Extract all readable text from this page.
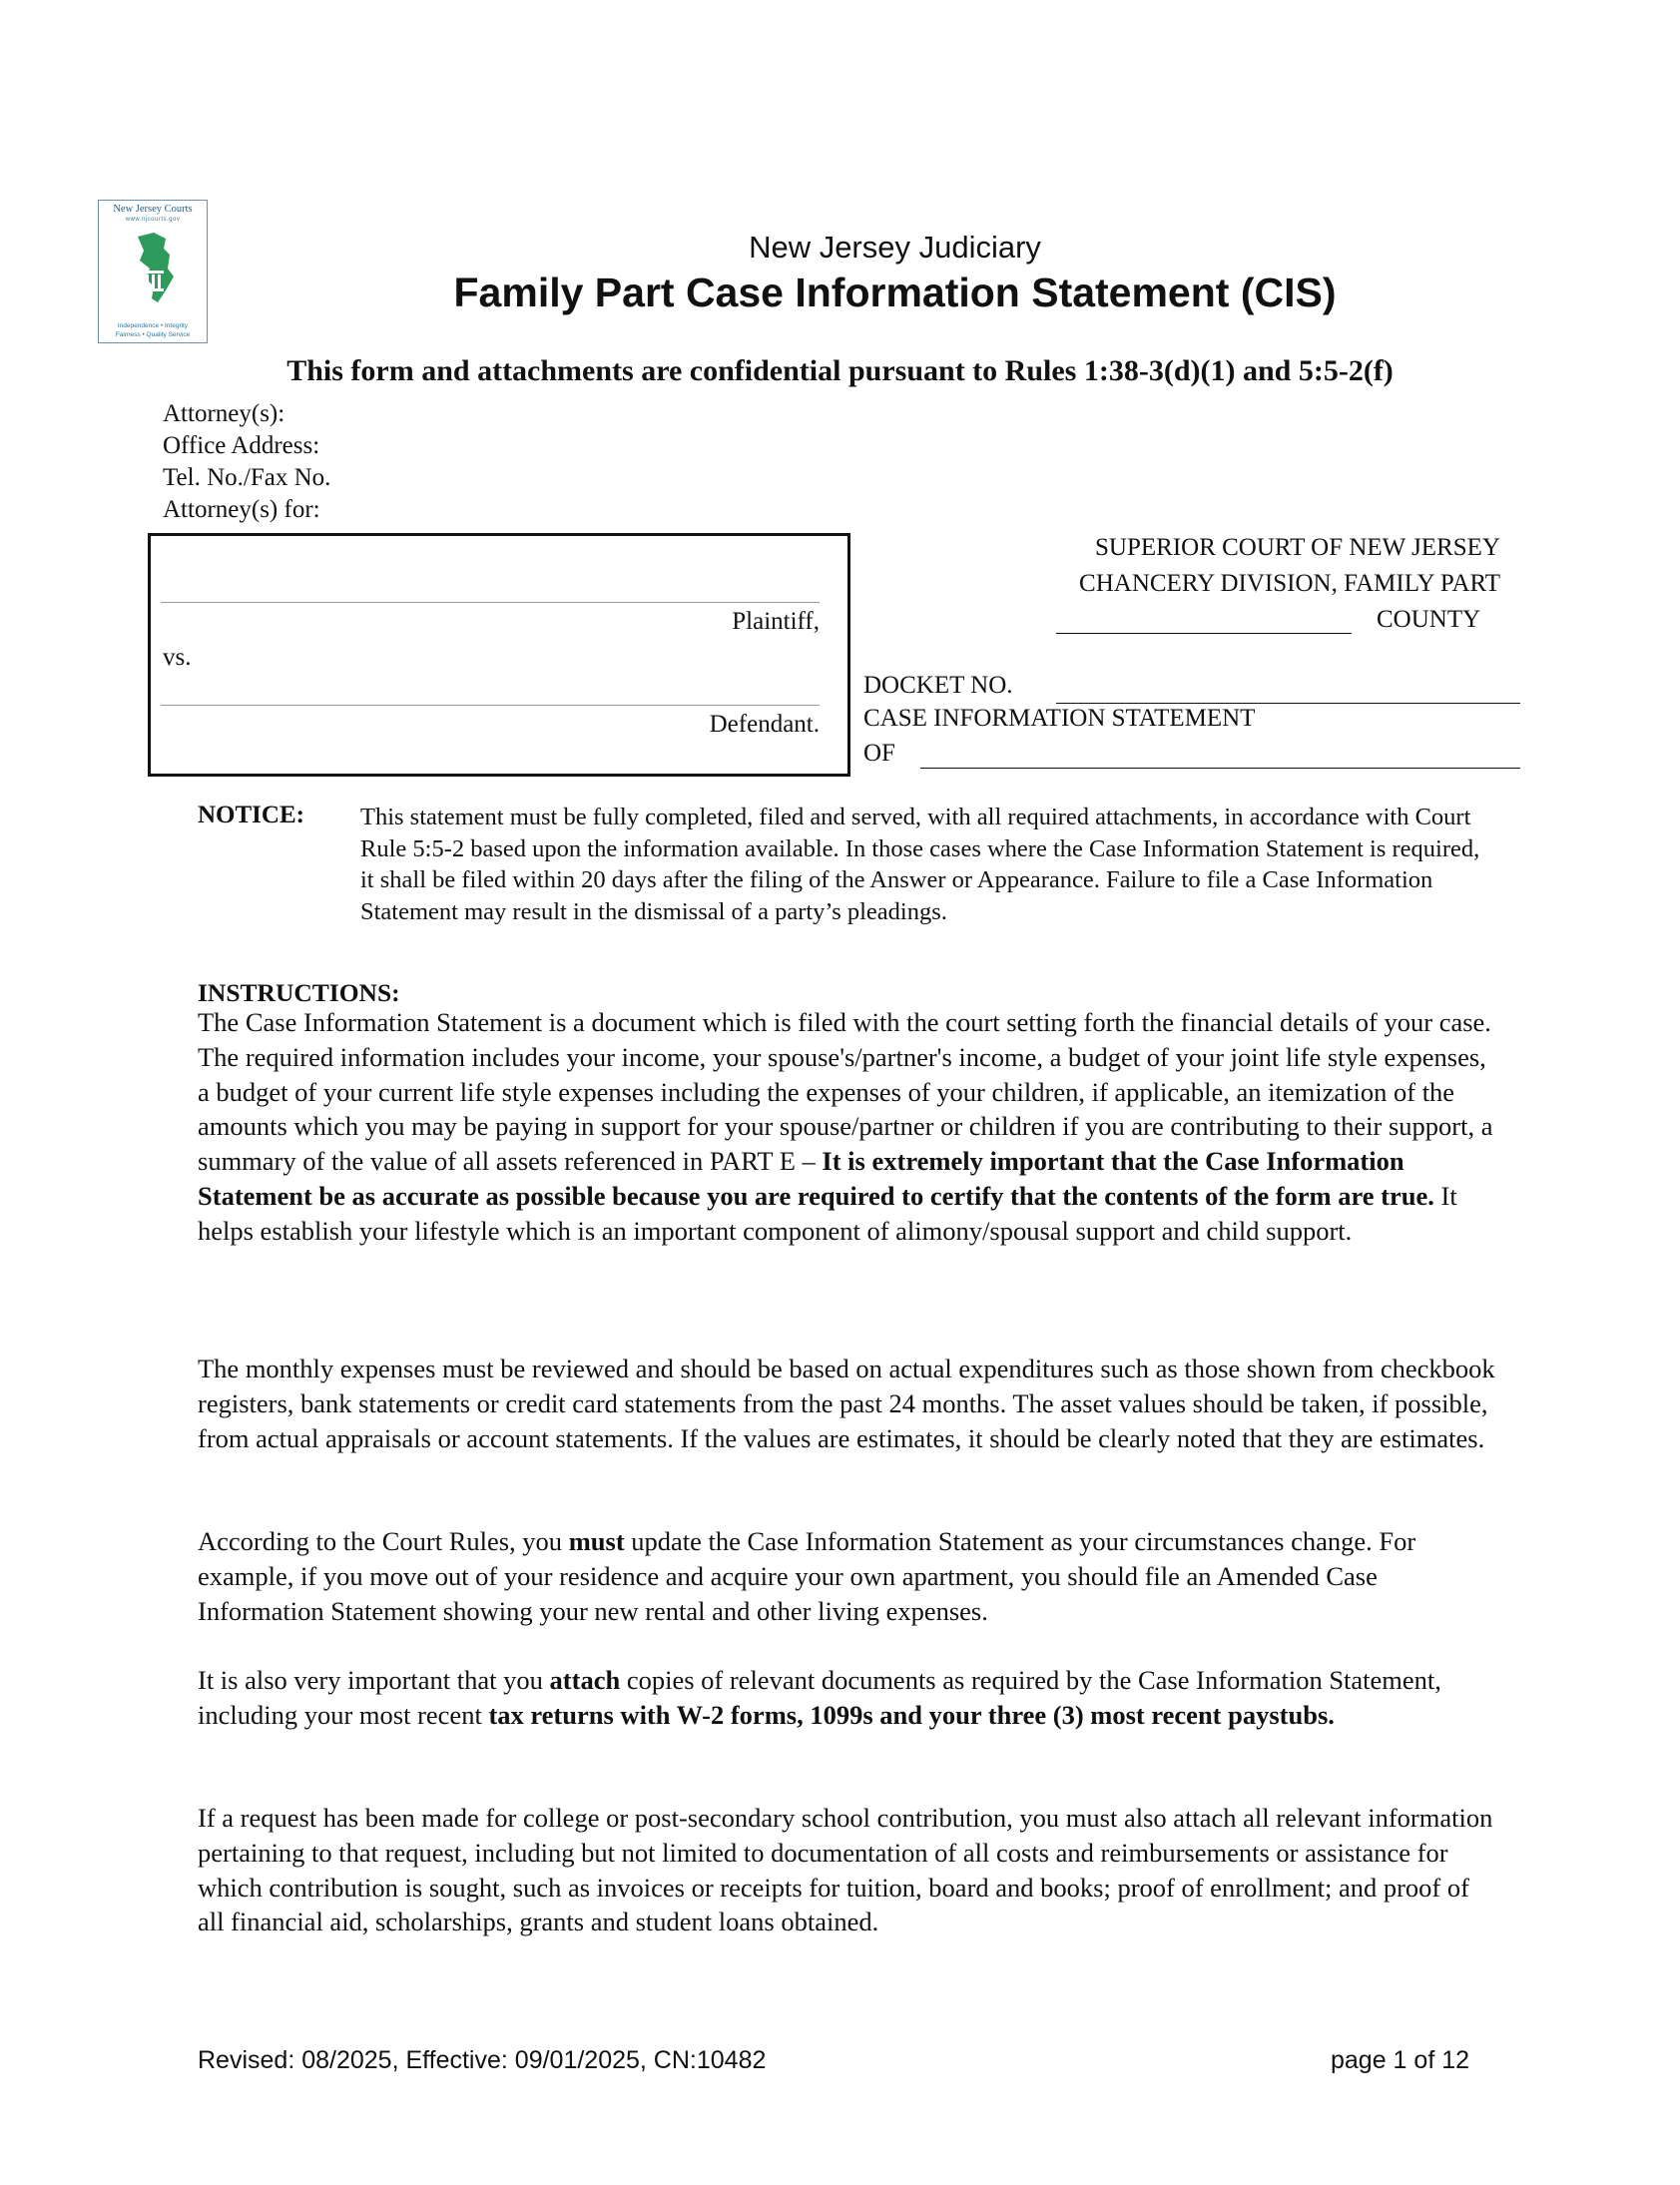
New Jersey Courts
www.njcourts.gov
Independence • Integrity
Fairness • Quality Service
New Jersey Judiciary
Family Part Case Information Statement (CIS)
This form and attachments are confidential pursuant to Rules 1:38-3(d)(1) and 5:5-2(f)
Attorney(s):
Office Address:
Tel. No./Fax No.
Attorney(s) for:
Plaintiff,
vs.
Defendant.
SUPERIOR COURT OF NEW JERSEY
CHANCERY DIVISION, FAMILY PART
COUNTY
DOCKET NO.
CASE INFORMATION STATEMENT
OF
NOTICE: This statement must be fully completed, filed and served, with all required attachments, in accordance with Court Rule 5:5-2 based upon the information available. In those cases where the Case Information Statement is required, it shall be filed within 20 days after the filing of the Answer or Appearance. Failure to file a Case Information Statement may result in the dismissal of a party’s pleadings.
INSTRUCTIONS:
The Case Information Statement is a document which is filed with the court setting forth the financial details of your case. The required information includes your income, your spouse's/partner's income, a budget of your joint life style expenses, a budget of your current life style expenses including the expenses of your children, if applicable, an itemization of the amounts which you may be paying in support for your spouse/partner or children if you are contributing to their support, a summary of the value of all assets referenced in PART E – It is extremely important that the Case Information Statement be as accurate as possible because you are required to certify that the contents of the form are true. It helps establish your lifestyle which is an important component of alimony/spousal support and child support.
The monthly expenses must be reviewed and should be based on actual expenditures such as those shown from checkbook registers, bank statements or credit card statements from the past 24 months. The asset values should be taken, if possible, from actual appraisals or account statements. If the values are estimates, it should be clearly noted that they are estimates.
According to the Court Rules, you must update the Case Information Statement as your circumstances change. For example, if you move out of your residence and acquire your own apartment, you should file an Amended Case Information Statement showing your new rental and other living expenses.
It is also very important that you attach copies of relevant documents as required by the Case Information Statement, including your most recent tax returns with W-2 forms, 1099s and your three (3) most recent paystubs.
If a request has been made for college or post-secondary school contribution, you must also attach all relevant information pertaining to that request, including but not limited to documentation of all costs and reimbursements or assistance for which contribution is sought, such as invoices or receipts for tuition, board and books; proof of enrollment; and proof of all financial aid, scholarships, grants and student loans obtained.
Revised: 08/2025, Effective: 09/01/2025, CN:10482	page 1 of 12
